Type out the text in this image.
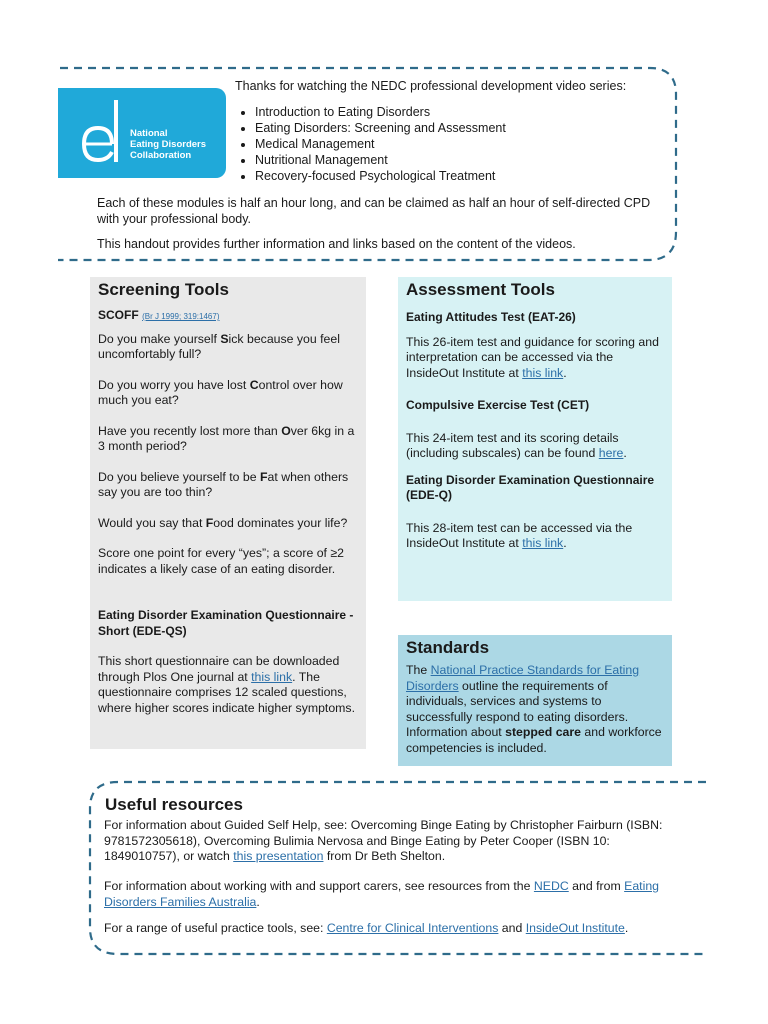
National
Eating Disorders
Collaboration
Thanks for watching the NEDC professional development video series:
• Introduction to Eating Disorders
• Eating Disorders: Screening and Assessment
• Medical Management
• Nutritional Management
• Recovery-focused Psychological Treatment
Each of these modules is half an hour long, and can be claimed as half an hour of self-directed CPD with your professional body.
This handout provides further information and links based on the content of the videos.
Screening Tools

SCOFF (Br J 1999; 319:1467)

Do you make yourself Sick because you feel uncomfortably full?

Do you worry you have lost Control over how much you eat?

Have you recently lost more than Over 6kg in a 3 month period?

Do you believe yourself to be Fat when others say you are too thin?

Would you say that Food dominates your life?

Score one point for every “yes”; a score of ≥2 indicates a likely case of an eating disorder.

Eating Disorder Examination Questionnaire - Short (EDE-QS)

This short questionnaire can be downloaded through Plos One journal at this link. The questionnaire comprises 12 scaled questions, where higher scores indicate higher symptoms.

Assessment Tools

Eating Attitudes Test (EAT-26)

This 26-item test and guidance for scoring and interpretation can be accessed via the InsideOut Institute at this link.

Compulsive Exercise Test (CET)

This 24-item test and its scoring details (including subscales) can be found here.

Eating Disorder Examination Questionnaire (EDE-Q)

This 28-item test can be accessed via the InsideOut Institute at this link.

Standards

The National Practice Standards for Eating Disorders outline the requirements of individuals, services and systems to successfully respond to eating disorders. Information about stepped care and workforce competencies is included.

Useful resources

For information about Guided Self Help, see: Overcoming Binge Eating by Christopher Fairburn (ISBN: 9781572305618), Overcoming Bulimia Nervosa and Binge Eating by Peter Cooper (ISBN 10: 1849010757), or watch this presentation from Dr Beth Shelton.

For information about working with and support carers, see resources from the NEDC and from Eating Disorders Families Australia.

For a range of useful practice tools, see: Centre for Clinical Interventions and InsideOut Institute.
